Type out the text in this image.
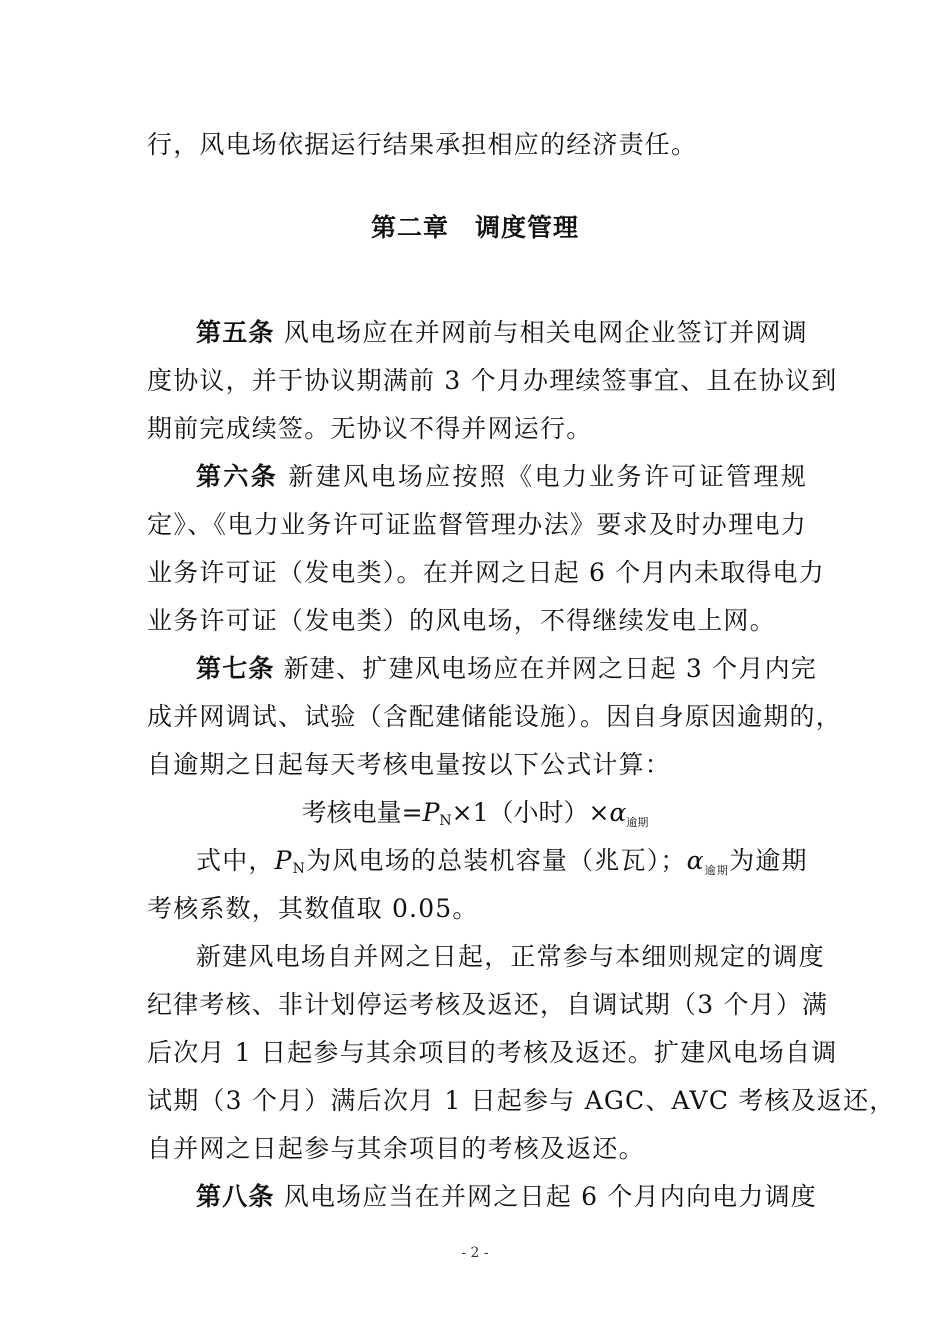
行，风电场依据运行结果承担相应的经济责任。
第二章 调度管理
第五条 风电场应在并网前与相关电网企业签订并网调
度协议，并于协议期满前 3 个月办理续签事宜、且在协议到
期前完成续签。无协议不得并网运行。
第六条 新建风电场应按照《电力业务许可证管理规
定》、《电力业务许可证监督管理办法》要求及时办理电力
业务许可证（发电类）。在并网之日起 6 个月内未取得电力
业务许可证（发电类）的风电场，不得继续发电上网。
第七条 新建、扩建风电场应在并网之日起 3 个月内完
成并网调试、试验（含配建储能设施）。因自身原因逾期的，
自逾期之日起每天考核电量按以下公式计算：
考核电量$=P_N\times 1$（小时）$\times\alpha_{逾期}$
式中，$P_N$为风电场的总装机容量（兆瓦）；$\alpha_{逾期}$为逾期
考核系数，其数值取 0.05。
新建风电场自并网之日起，正常参与本细则规定的调度
纪律考核、非计划停运考核及返还，自调试期（3 个月）满
后次月 1 日起参与其余项目的考核及返还。扩建风电场自调
试期（3 个月）满后次月 1 日起参与 AGC、AVC 考核及返还，
自并网之日起参与其余项目的考核及返还。
第八条 风电场应当在并网之日起 6 个月内向电力调度
- 2 -
